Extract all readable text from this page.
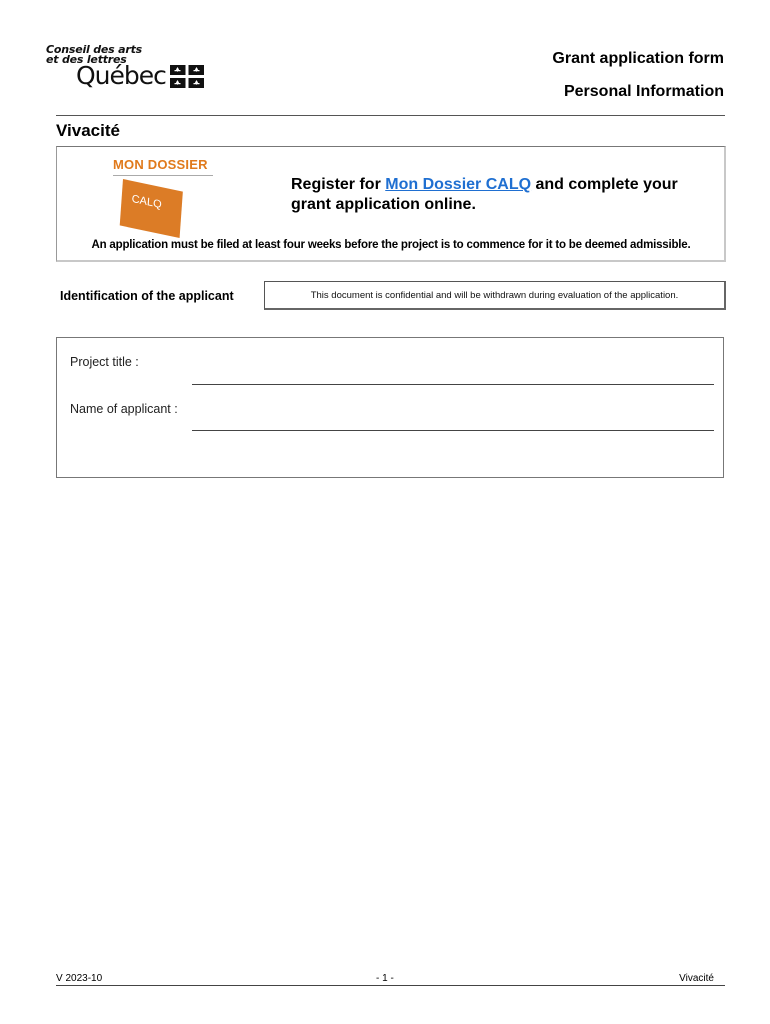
Conseil des arts
et des lettres
Québec
Grant application form
Personal Information
Vivacité
MON DOSSIER
CALQ
Register for Mon Dossier CALQ and complete your grant application online.
An application must be filed at least four weeks before the project is to commence for it to be deemed admissible.
Identification of the applicant	This document is confidential and will be withdrawn during evaluation of the application.
Project title :
Name of applicant :
V 2023-10	- 1 -	Vivacité
